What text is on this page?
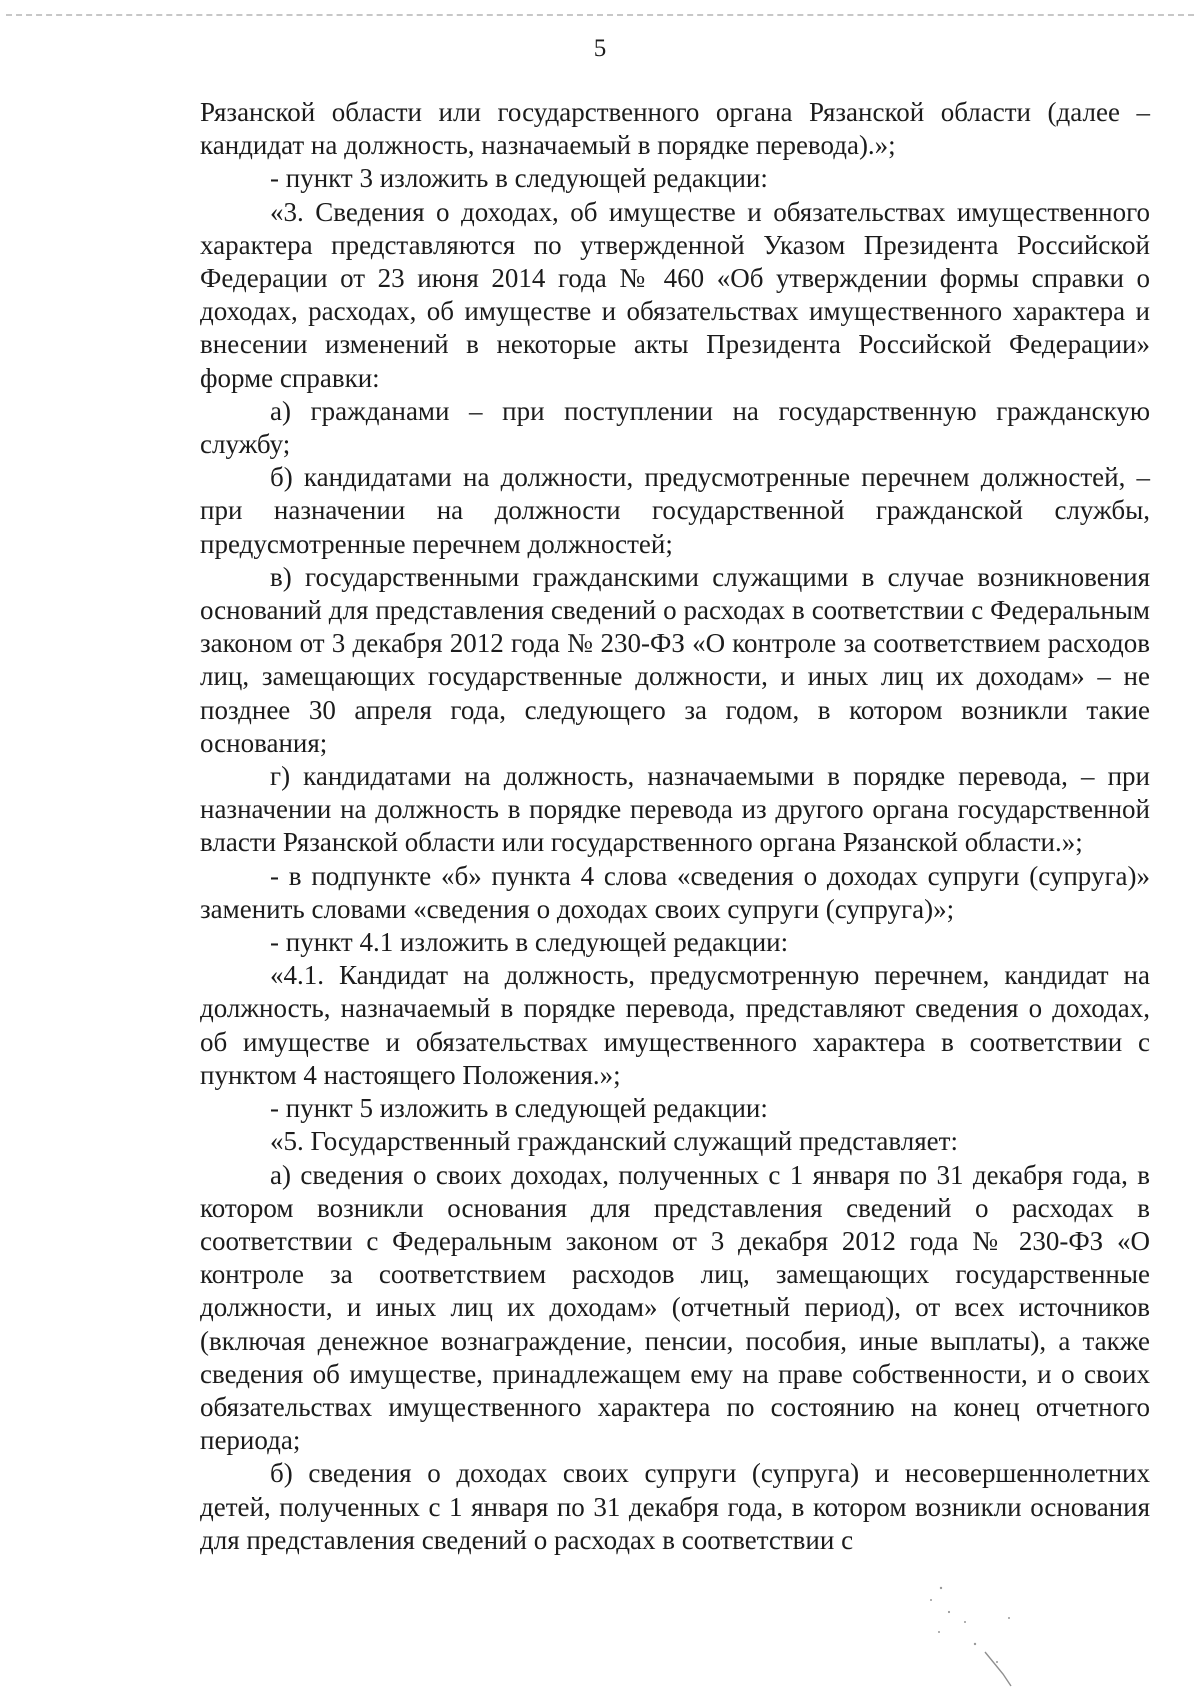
5

Рязанской области или государственного органа Рязанской области (далее – кандидат на должность, назначаемый в порядке перевода).»;

- пункт 3 изложить в следующей редакции:

«3. Сведения о доходах, об имуществе и обязательствах имущественного характера представляются по утвержденной Указом Президента Российской Федерации от 23 июня 2014 года № 460 «Об утверждении формы справки о доходах, расходах, об имуществе и обязательствах имущественного характера и внесении изменений в некоторые акты Президента Российской Федерации» форме справки:

а) гражданами – при поступлении на государственную гражданскую службу;

б) кандидатами на должности, предусмотренные перечнем должностей, – при назначении на должности государственной гражданской службы, предусмотренные перечнем должностей;

в) государственными гражданскими служащими в случае возникновения оснований для представления сведений о расходах в соответствии с Федеральным законом от 3 декабря 2012 года № 230-ФЗ «О контроле за соответствием расходов лиц, замещающих государственные должности, и иных лиц их доходам» – не позднее 30 апреля года, следующего за годом, в котором возникли такие основания;

г) кандидатами на должность, назначаемыми в порядке перевода, – при назначении на должность в порядке перевода из другого органа государственной власти Рязанской области или государственного органа Рязанской области.»;

- в подпункте «б» пункта 4 слова «сведения о доходах супруги (супруга)» заменить словами «сведения о доходах своих супруги (супруга)»;

- пункт 4.1 изложить в следующей редакции:

«4.1. Кандидат на должность, предусмотренную перечнем, кандидат на должность, назначаемый в порядке перевода, представляют сведения о доходах, об имуществе и обязательствах имущественного характера в соответствии с пунктом 4 настоящего Положения.»;

- пункт 5 изложить в следующей редакции:

«5. Государственный гражданский служащий представляет:

а) сведения о своих доходах, полученных с 1 января по 31 декабря года, в котором возникли основания для представления сведений о расходах в соответствии с Федеральным законом от 3 декабря 2012 года № 230-ФЗ «О контроле за соответствием расходов лиц, замещающих государственные должности, и иных лиц их доходам» (отчетный период), от всех источников (включая денежное вознаграждение, пенсии, пособия, иные выплаты), а также сведения об имуществе, принадлежащем ему на праве собственности, и о своих обязательствах имущественного характера по состоянию на конец отчетного периода;

б) сведения о доходах своих супруги (супруга) и несовершеннолетних детей, полученных с 1 января по 31 декабря года, в котором возникли основания для представления сведений о расходах в соответствии с
